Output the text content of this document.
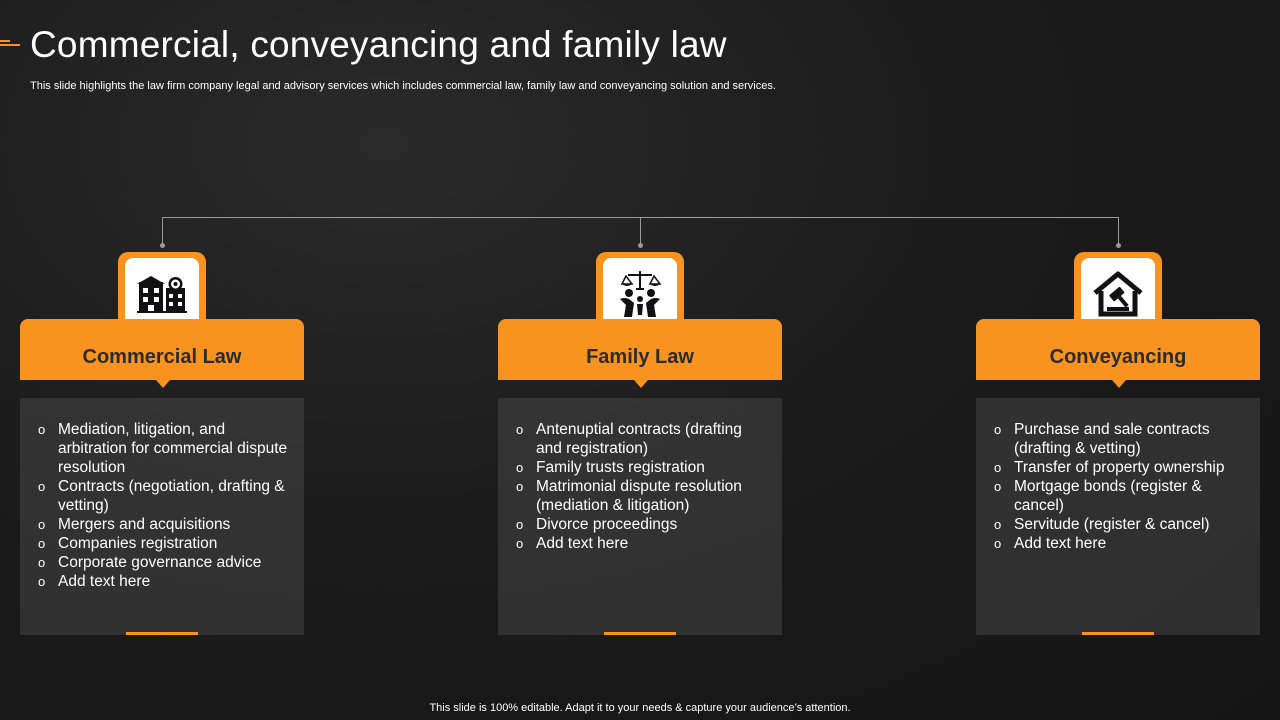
Commercial, conveyancing and family law

This slide highlights the law firm company legal and advisory services which includes commercial law, family law and conveyancing solution and services.

Commercial Law
o Mediation, litigation, and arbitration for commercial dispute resolution
o Contracts (negotiation, drafting & vetting)
o Mergers and acquisitions
o Companies registration
o Corporate governance advice
o Add text here
Family Law
o Antenuptial contracts (drafting and registration)
o Family trusts registration
o Matrimonial dispute resolution (mediation & litigation)
o Divorce proceedings
o Add text here
Conveyancing
o Purchase and sale contracts (drafting & vetting)
o Transfer of property ownership
o Mortgage bonds (register & cancel)
o Servitude (register & cancel)
o Add text here

This slide is 100% editable. Adapt it to your needs & capture your audience’s attention.
